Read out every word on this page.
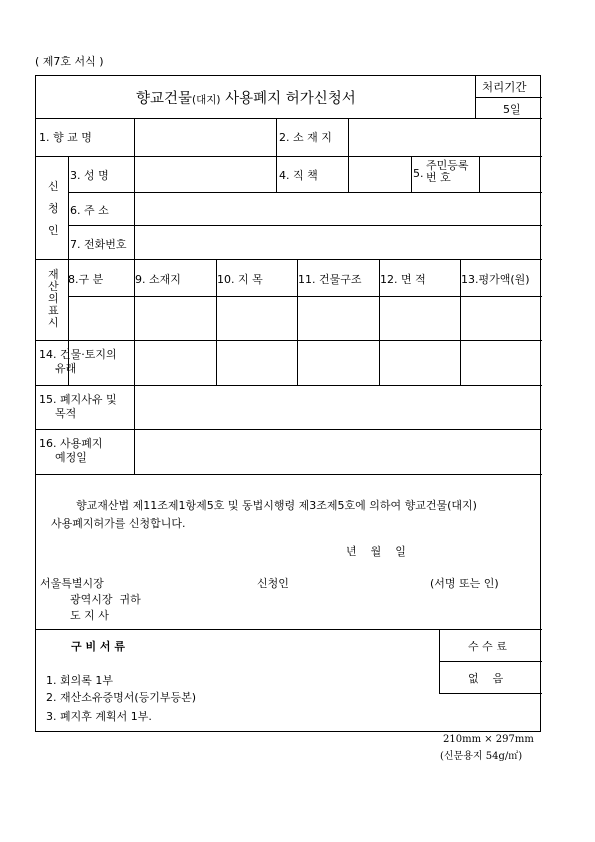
( 제7호 서식 )
향교건물(대지) 사용폐지 허가신청서
처리기간
5일
1. 향 교 명	2. 소 재 지
신
청
인
3. 성 명	4. 직 책	5.
주민등록
번 호
6. 주 소
7. 전화번호
재
산
의
표
시
8.구 분	9. 소재지	10. 지 목	11. 건물구조 12. 면 적	13.평가액(원)
14. 건물·토지의
유래
15. 폐지사유 및
목적
16. 사용폐지
예정일
향교재산법 제11조제1항제5호 및 동법시행령 제3조제5호에 의하여 향교건물(대지)
사용폐지허가를 신청합니다.
년    월    일
서울특별시장
광역시장  귀하
도 지 사
신청인	(서명 또는 인)
구 비 서 류
1. 회의록 1부
2. 재산소유증명서(등기부등본)
3. 폐지후 계획서 1부.
수 수 료
없    음
210mm × 297mm
(신문용지 54g/㎡)
